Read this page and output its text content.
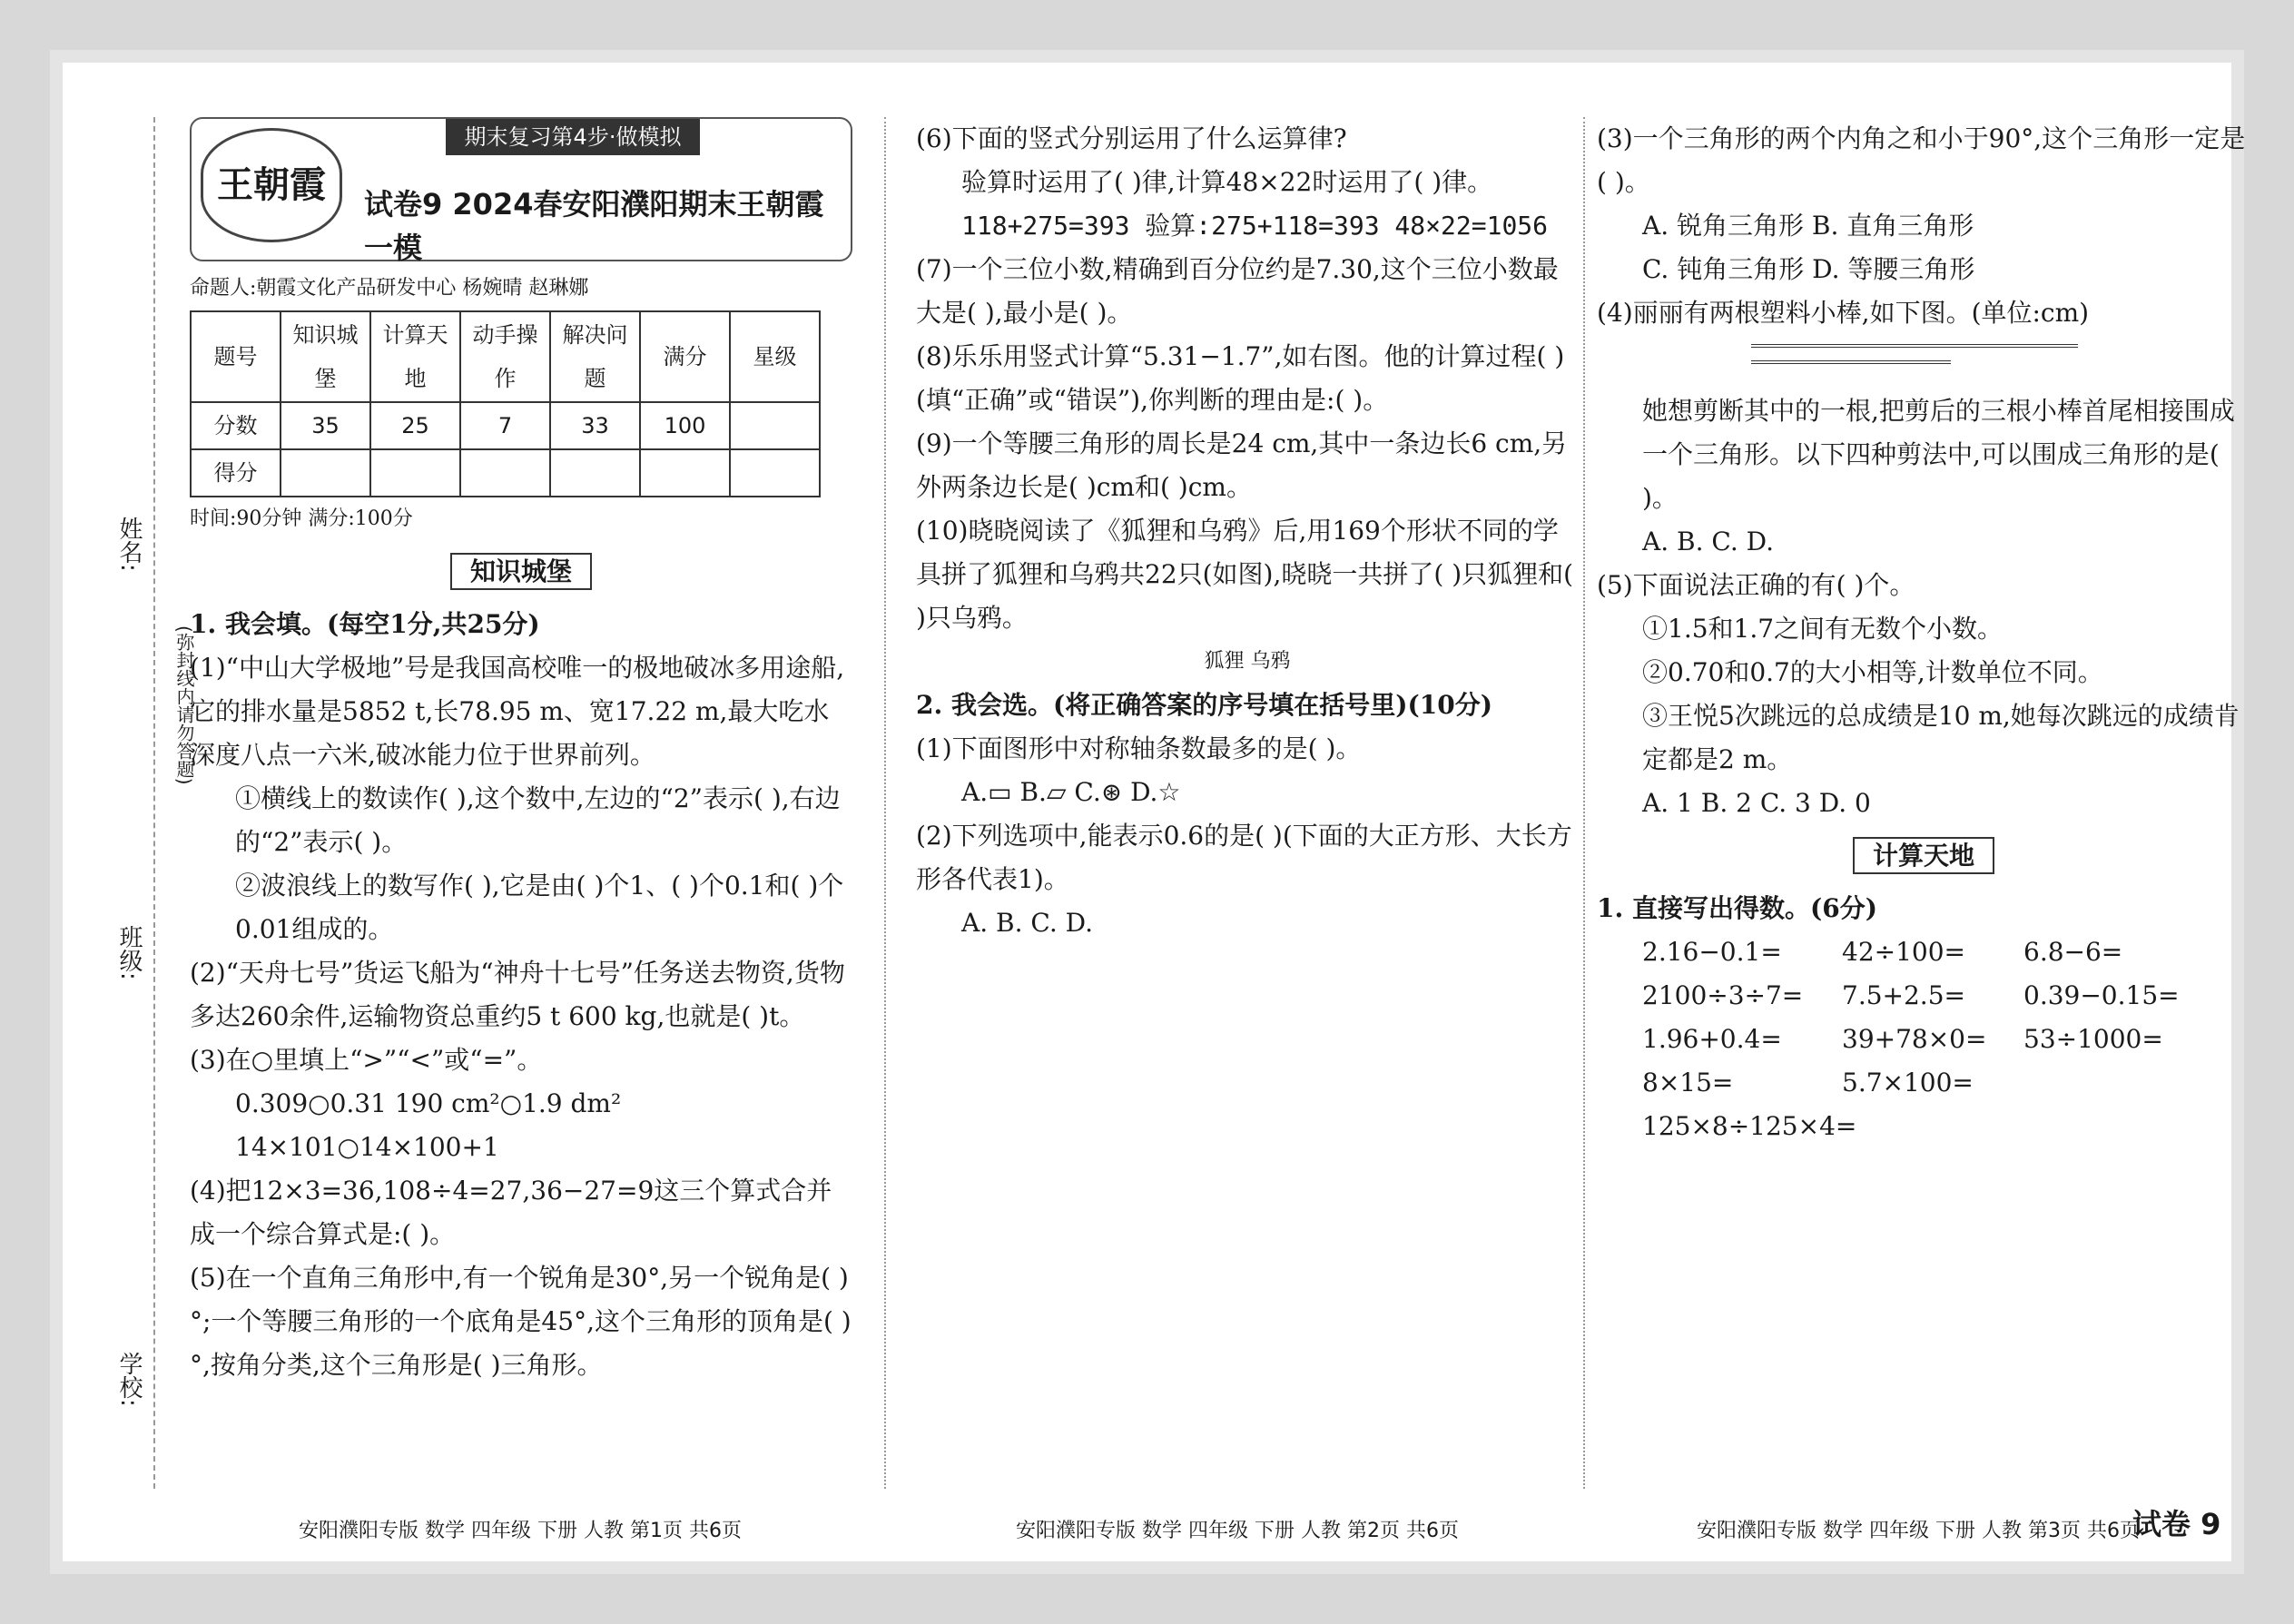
姓名:
班级:
学校:
(弥封线内请勿答题)
王朝霞
期末复习第4步·做模拟
试卷9 2024春安阳濮阳期末王朝霞一模

命题人:朝霞文化产品研发中心 杨婉晴 赵琳娜

题号	知识城堡	计算天地	动手操作	解决问题	满分	星级
分数	35	25	7	33	100	
得分						

时间:90分钟 满分:100分

知识城堡

1. 我会填。(每空1分,共25分)

(1)“中山大学极地”号是我国高校唯一的极地破冰多用途船,它的排水量是5852 t,长78.95 m、宽17.22 m,最大吃水深度八点一六米,破冰能力位于世界前列。

①横线上的数读作( ),这个数中,左边的“2”表示( ),右边的“2”表示( )。

②波浪线上的数写作( ),它是由( )个1、( )个0.1和( )个0.01组成的。

(2)“天舟七号”货运飞船为“神舟十七号”任务送去物资,货物多达260余件,运输物资总重约5 t 600 kg,也就是( )t。

(3)在○里填上“>”“<”或“=”。

0.309○0.31 190 cm²○1.9 dm²

14×101○14×100+1

(4)把12×3=36,108÷4=27,36−27=9这三个算式合并成一个综合算式是:( )。

(5)在一个直角三角形中,有一个锐角是30°,另一个锐角是( )°;一个等腰三角形的一个底角是45°,这个三角形的顶角是( )°,按角分类,这个三角形是( )三角形。

(6)下面的竖式分别运用了什么运算律?

验算时运用了( )律,计算48×22时运用了( )律。

118+275=393 验算:275+118=393 48×22=1056

(7)一个三位小数,精确到百分位约是7.30,这个三位小数最大是( ),最小是( )。

(8)乐乐用竖式计算“5.31−1.7”,如右图。他的计算过程( )(填“正确”或“错误”),你判断的理由是:( )。

(9)一个等腰三角形的周长是24 cm,其中一条边长6 cm,另外两条边长是( )cm和( )cm。

(10)晓晓阅读了《狐狸和乌鸦》后,用169个形状不同的学具拼了狐狸和乌鸦共22只(如图),晓晓一共拼了( )只狐狸和( )只乌鸦。

狐狸 乌鸦

2. 我会选。(将正确答案的序号填在括号里)(10分)

(1)下面图形中对称轴条数最多的是( )。

A.▭ B.▱ C.⊛ D.☆

(2)下列选项中,能表示0.6的是( )(下面的大正方形、大长方形各代表1)。

A. B. C. D.

(3)一个三角形的两个内角之和小于90°,这个三角形一定是( )。

A. 锐角三角形 B. 直角三角形

C. 钝角三角形 D. 等腰三角形

(4)丽丽有两根塑料小棒,如下图。(单位:cm)

她想剪断其中的一根,把剪后的三根小棒首尾相接围成一个三角形。以下四种剪法中,可以围成三角形的是( )。

A. B. C. D.

(5)下面说法正确的有( )个。

①1.5和1.7之间有无数个小数。

②0.70和0.7的大小相等,计数单位不同。

③王悦5次跳远的总成绩是10 m,她每次跳远的成绩肯定都是2 m。

A. 1 B. 2 C. 3 D. 0

计算天地

1. 直接写出得数。(6分)

2.16−0.1=	42÷100=	6.8−6=
2100÷3÷7=	7.5+2.5=	0.39−0.15=
1.96+0.4=	39+78×0=	53÷1000=
8×15=	5.7×100=
125×8÷125×4=
安阳濮阳专版 数学 四年级 下册 人教 第1页 共6页	安阳濮阳专版 数学 四年级 下册 人教 第2页 共6页	安阳濮阳专版 数学 四年级 下册 人教 第3页 共6页
试卷 9
